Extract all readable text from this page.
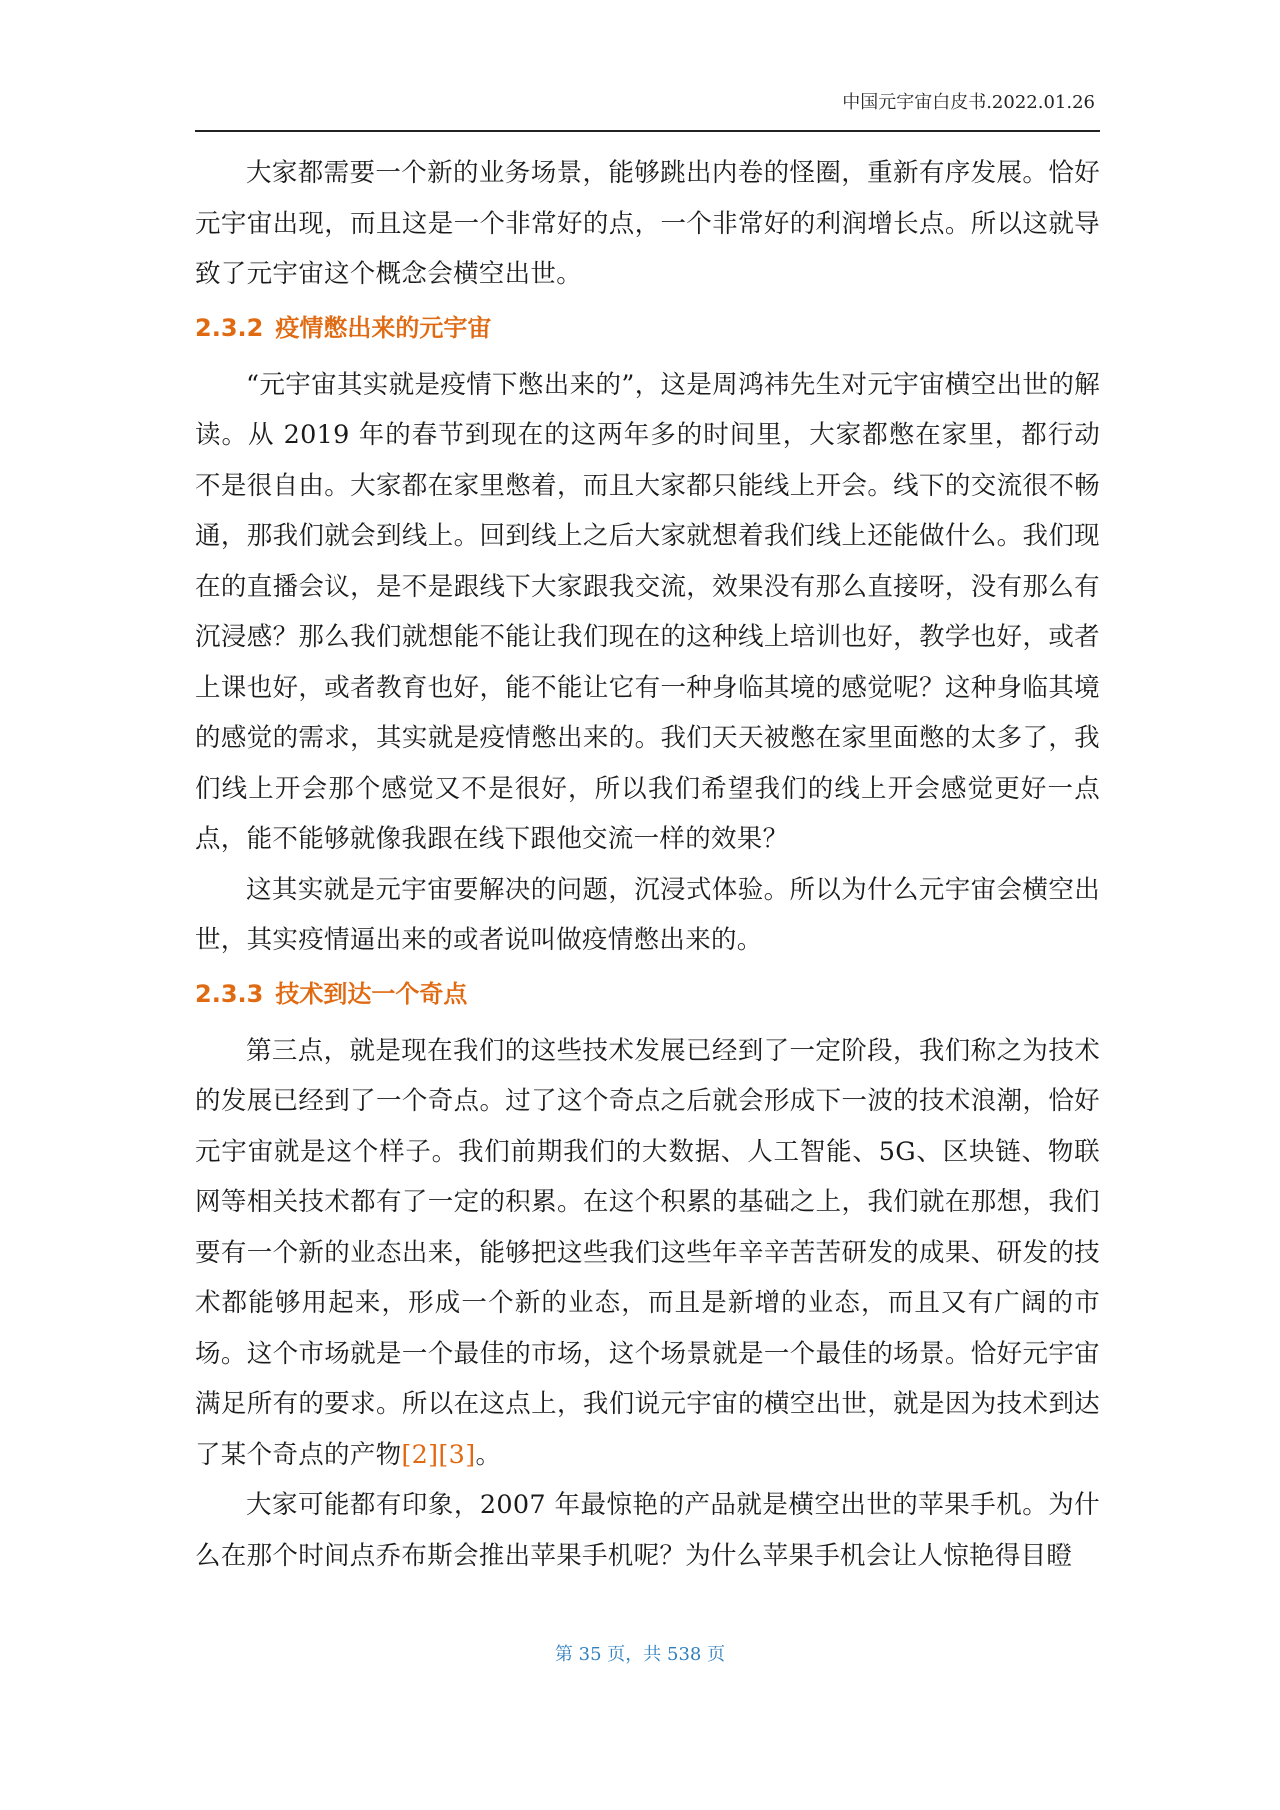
中国元宇宙白皮书.2022.01.26

大家都需要一个新的业务场景，能够跳出内卷的怪圈，重新有序发展。恰好元宇宙出现，而且这是一个非常好的点，一个非常好的利润增长点。所以这就导致了元宇宙这个概念会横空出世。

2.3.2 疫情憋出来的元宇宙

“元宇宙其实就是疫情下憋出来的”，这是周鸿祎先生对元宇宙横空出世的解读。从 2019 年的春节到现在的这两年多的时间里，大家都憋在家里，都行动不是很自由。大家都在家里憋着，而且大家都只能线上开会。线下的交流很不畅通，那我们就会到线上。回到线上之后大家就想着我们线上还能做什么。我们现在的直播会议，是不是跟线下大家跟我交流，效果没有那么直接呀，没有那么有沉浸感？那么我们就想能不能让我们现在的这种线上培训也好，教学也好，或者上课也好，或者教育也好，能不能让它有一种身临其境的感觉呢？这种身临其境的感觉的需求，其实就是疫情憋出来的。我们天天被憋在家里面憋的太多了，我们线上开会那个感觉又不是很好，所以我们希望我们的线上开会感觉更好一点点，能不能够就像我跟在线下跟他交流一样的效果？

这其实就是元宇宙要解决的问题，沉浸式体验。所以为什么元宇宙会横空出世，其实疫情逼出来的或者说叫做疫情憋出来的。

2.3.3 技术到达一个奇点

第三点，就是现在我们的这些技术发展已经到了一定阶段，我们称之为技术的发展已经到了一个奇点。过了这个奇点之后就会形成下一波的技术浪潮，恰好元宇宙就是这个样子。我们前期我们的大数据、人工智能、5G、区块链、物联网等相关技术都有了一定的积累。在这个积累的基础之上，我们就在那想，我们要有一个新的业态出来，能够把这些我们这些年辛辛苦苦研发的成果、研发的技术都能够用起来，形成一个新的业态，而且是新增的业态，而且又有广阔的市场。这个市场就是一个最佳的市场，这个场景就是一个最佳的场景。恰好元宇宙满足所有的要求。所以在这点上，我们说元宇宙的横空出世，就是因为技术到达了某个奇点的产物[2][3]。

大家可能都有印象，2007 年最惊艳的产品就是横空出世的苹果手机。为什么在那个时间点乔布斯会推出苹果手机呢？为什么苹果手机会让人惊艳得目瞪

第 35 页，共 538 页
